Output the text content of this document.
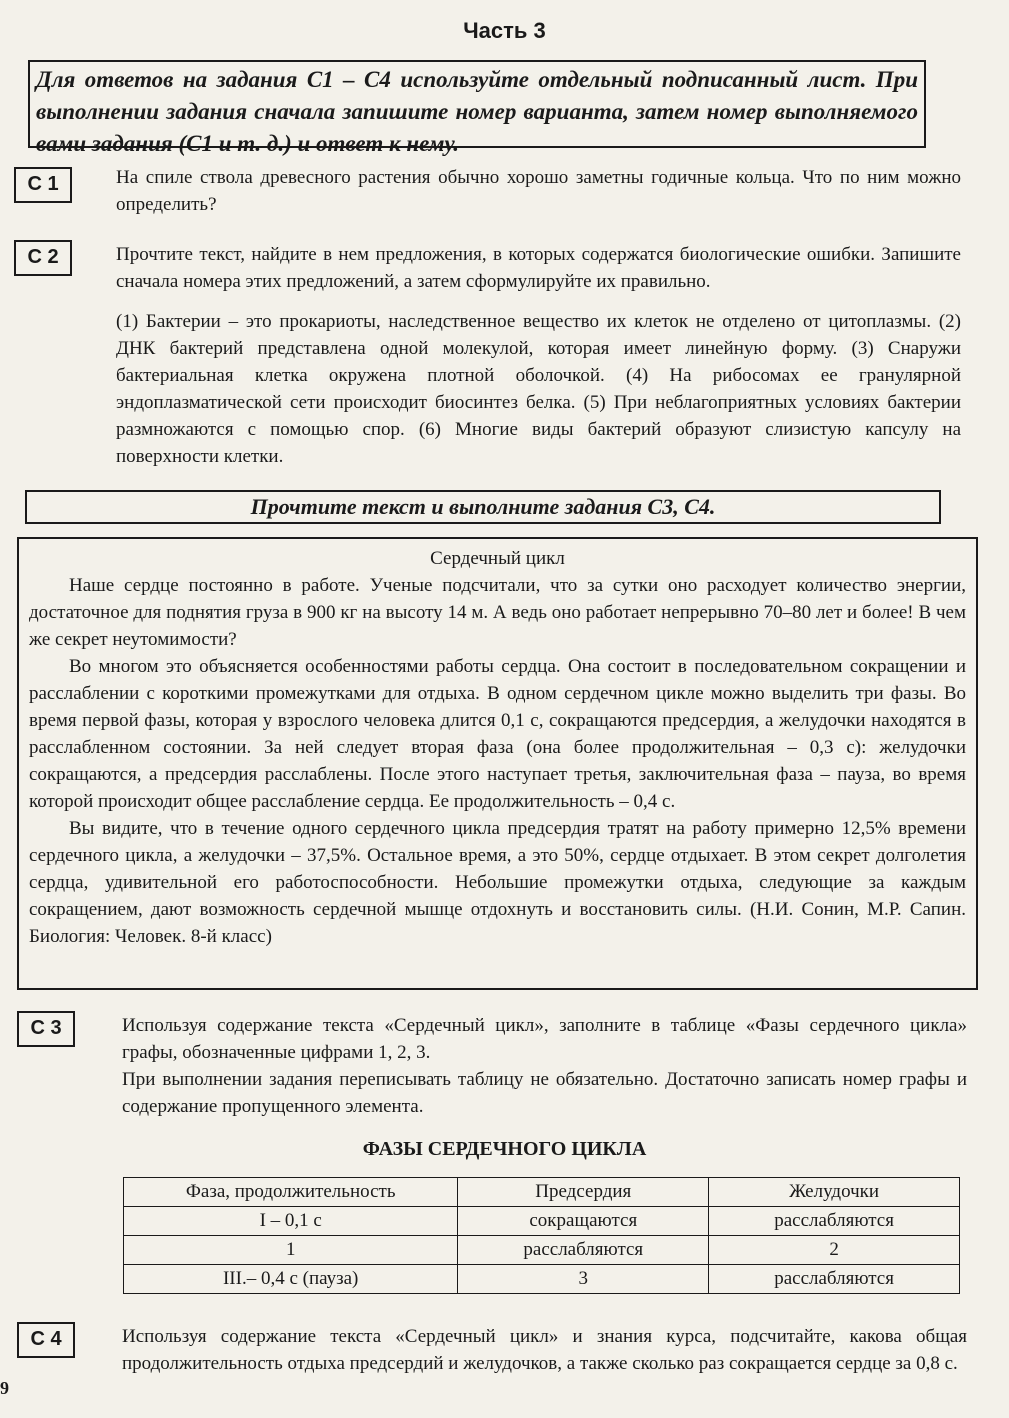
Часть 3
Для ответов на задания С1 – С4 используйте отдельный подписанный лист. При выполнении задания сначала запишите номер варианта, затем номер выполняемого вами задания (С1 и т. д.) и ответ к нему.
С 1	На спиле ствола древесного растения обычно хорошо заметны годичные кольца. Что по ним можно определить?
С 2	Прочтите текст, найдите в нем предложения, в которых содержатся биологические ошибки. Запишите сначала номера этих предложений, а затем сформулируйте их правильно.
(1) Бактерии – это прокариоты, наследственное вещество их клеток не отделено от цитоплазмы. (2) ДНК бактерий представлена одной молекулой, которая имеет линейную форму. (3) Снаружи бактериальная клетка окружена плотной оболочкой. (4) На рибосомах ее гранулярной эндоплазматической сети происходит биосинтез белка. (5) При неблагоприятных условиях бактерии размножаются с помощью спор. (6) Многие виды бактерий образуют слизистую капсулу на поверхности клетки.
Прочтите текст и выполните задания С3, С4.
Сердечный цикл

Наше сердце постоянно в работе. Ученые подсчитали, что за сутки оно расходует количество энергии, достаточное для поднятия груза в 900 кг на высоту 14 м. А ведь оно работает непрерывно 70–80 лет и более! В чем же секрет неутомимости?

Во многом это объясняется особенностями работы сердца. Она состоит в последовательном сокращении и расслаблении с короткими промежутками для отдыха. В одном сердечном цикле можно выделить три фазы. Во время первой фазы, которая у взрослого человека длится 0,1 с, сокращаются предсердия, а желудочки находятся в расслабленном состоянии. За ней следует вторая фаза (она более продолжительная – 0,3 с): желудочки сокращаются, а предсердия расслаблены. После этого наступает третья, заключительная фаза – пауза, во время которой происходит общее расслабление сердца. Ее продолжительность – 0,4 с.

Вы видите, что в течение одного сердечного цикла предсердия тратят на работу примерно 12,5% времени сердечного цикла, а желудочки – 37,5%. Остальное время, а это 50%, сердце отдыхает. В этом секрет долголетия сердца, удивительной его работоспособности. Небольшие промежутки отдыха, следующие за каждым сокращением, дают возможность сердечной мышце отдохнуть и восстановить силы. (Н.И. Сонин, М.Р. Сапин. Биология: Человек. 8-й класс)

С 3	Используя содержание текста «Сердечный цикл», заполните в таблице «Фазы сердечного цикла» графы, обозначенные цифрами 1, 2, 3.
При выполнении задания переписывать таблицу не обязательно. Достаточно записать номер графы и содержание пропущенного элемента.
ФАЗЫ СЕРДЕЧНОГО ЦИКЛА
Фаза, продолжительность	Предсердия	Желудочки
I – 0,1 с	сокращаются	расслабляются
1	расслабляются	2
III.– 0,4 с (пауза)	3	расслабляются
С 4	Используя содержание текста «Сердечный цикл» и знания курса, подсчитайте, какова общая продолжительность отдыха предсердий и желудочков, а также сколько раз сокращается сердце за 0,8 с.
9
